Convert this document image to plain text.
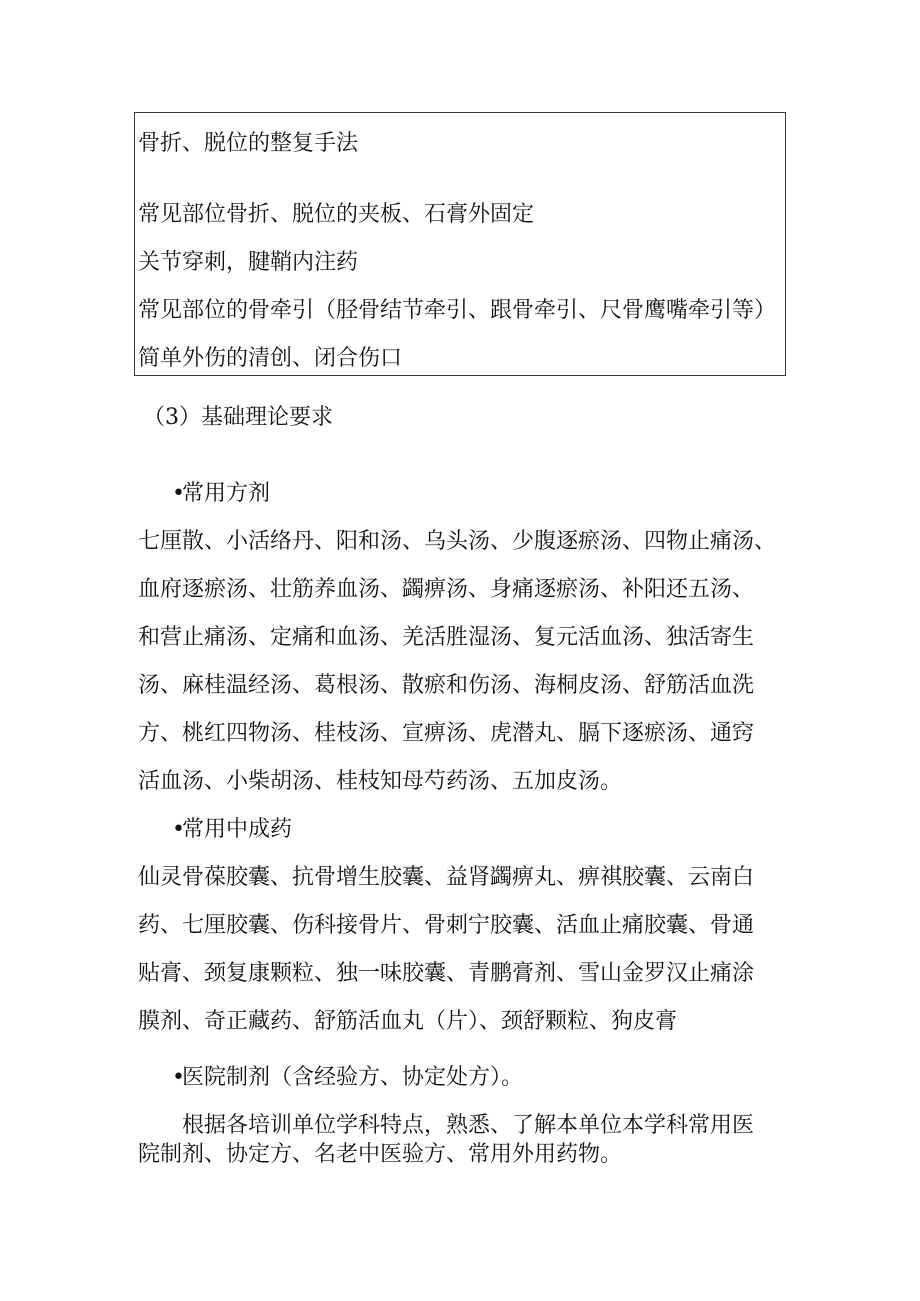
骨折、脱位的整复手法
常见部位骨折、脱位的夹板、石膏外固定
关节穿刺，腱鞘内注药
常见部位的骨牵引（胫骨结节牵引、跟骨牵引、尺骨鹰嘴牵引等）
简单外伤的清创、闭合伤口
（3）基础理论要求
•常用方剂
七厘散、小活络丹、阳和汤、乌头汤、少腹逐瘀汤、四物止痛汤、
血府逐瘀汤、壮筋养血汤、蠲痹汤、身痛逐瘀汤、补阳还五汤、
和营止痛汤、定痛和血汤、羌活胜湿汤、复元活血汤、独活寄生
汤、麻桂温经汤、葛根汤、散瘀和伤汤、海桐皮汤、舒筋活血洗
方、桃红四物汤、桂枝汤、宣痹汤、虎潜丸、膈下逐瘀汤、通窍
活血汤、小柴胡汤、桂枝知母芍药汤、五加皮汤。
•常用中成药
仙灵骨葆胶囊、抗骨增生胶囊、益肾蠲痹丸、痹祺胶囊、云南白
药、七厘胶囊、伤科接骨片、骨刺宁胶囊、活血止痛胶囊、骨通
贴膏、颈复康颗粒、独一味胶囊、青鹏膏剂、雪山金罗汉止痛涂
膜剂、奇正藏药、舒筋活血丸（片）、颈舒颗粒、狗皮膏
•医院制剂（含经验方、协定处方）。
　　根据各培训单位学科特点，熟悉、了解本单位本学科常用医
院制剂、协定方、名老中医验方、常用外用药物。
